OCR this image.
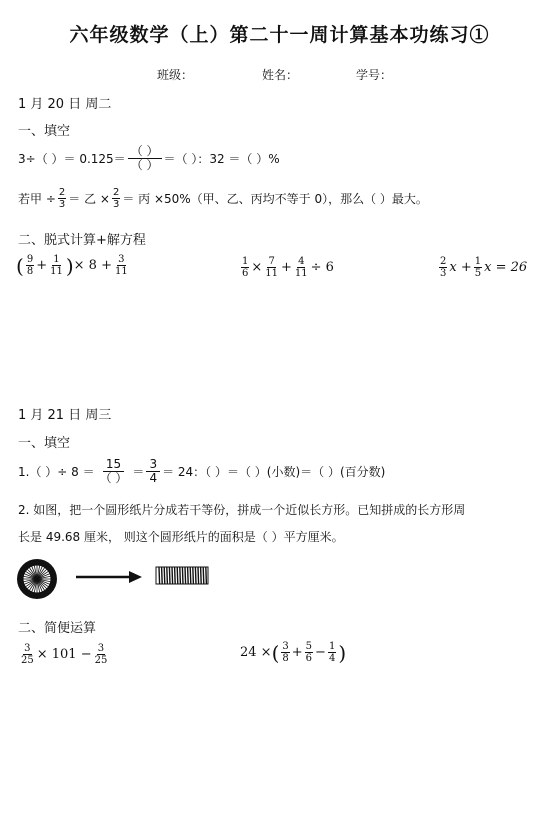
六年级数学（上）第二十一周计算基本功练习①
班级：	姓名：	学号：
1 月 20 日 周二
一、填空
3÷（ ）＝ $0.125= \frac{( )}{( )}$ ＝（ ）：32 ＝（ ）%
若甲 ÷ $\frac{2}{3}$ ＝ 乙 × $\frac{2}{3}$ ＝ 丙 ×50%（甲、乙、丙均不等于 0），那么（ ）最大。
二、脱式计算+解方程
( $\frac{9}{8} + \frac{1}{11}$ ) × $8 + \frac{3}{11}$	$\frac{1}{6} \times \frac{7}{11} + \frac{4}{11} \div 6$	$\frac{2}{3}$ $x + \frac{1}{5}$ x = 26
1 月 21 日 周三
一、填空
1.（ ）÷ $8 = \frac{15}{( )} = \frac{3}{4} = 24$：（ ）＝（ ）(小数)＝（ ）(百分数)
2. 如图，把一个圆形纸片分成若干等份，拼成一个近似长方形。已知拼成的长方形周
长是 49.68 厘米， 则这个圆形纸片的面积是（ ）平方厘米。
二、简便运算
$\frac{3}{25} \times 101 - \frac{3}{25}$	24 × ( $\frac{3}{8} + \frac{5}{6} - \frac{1}{4}$ )
